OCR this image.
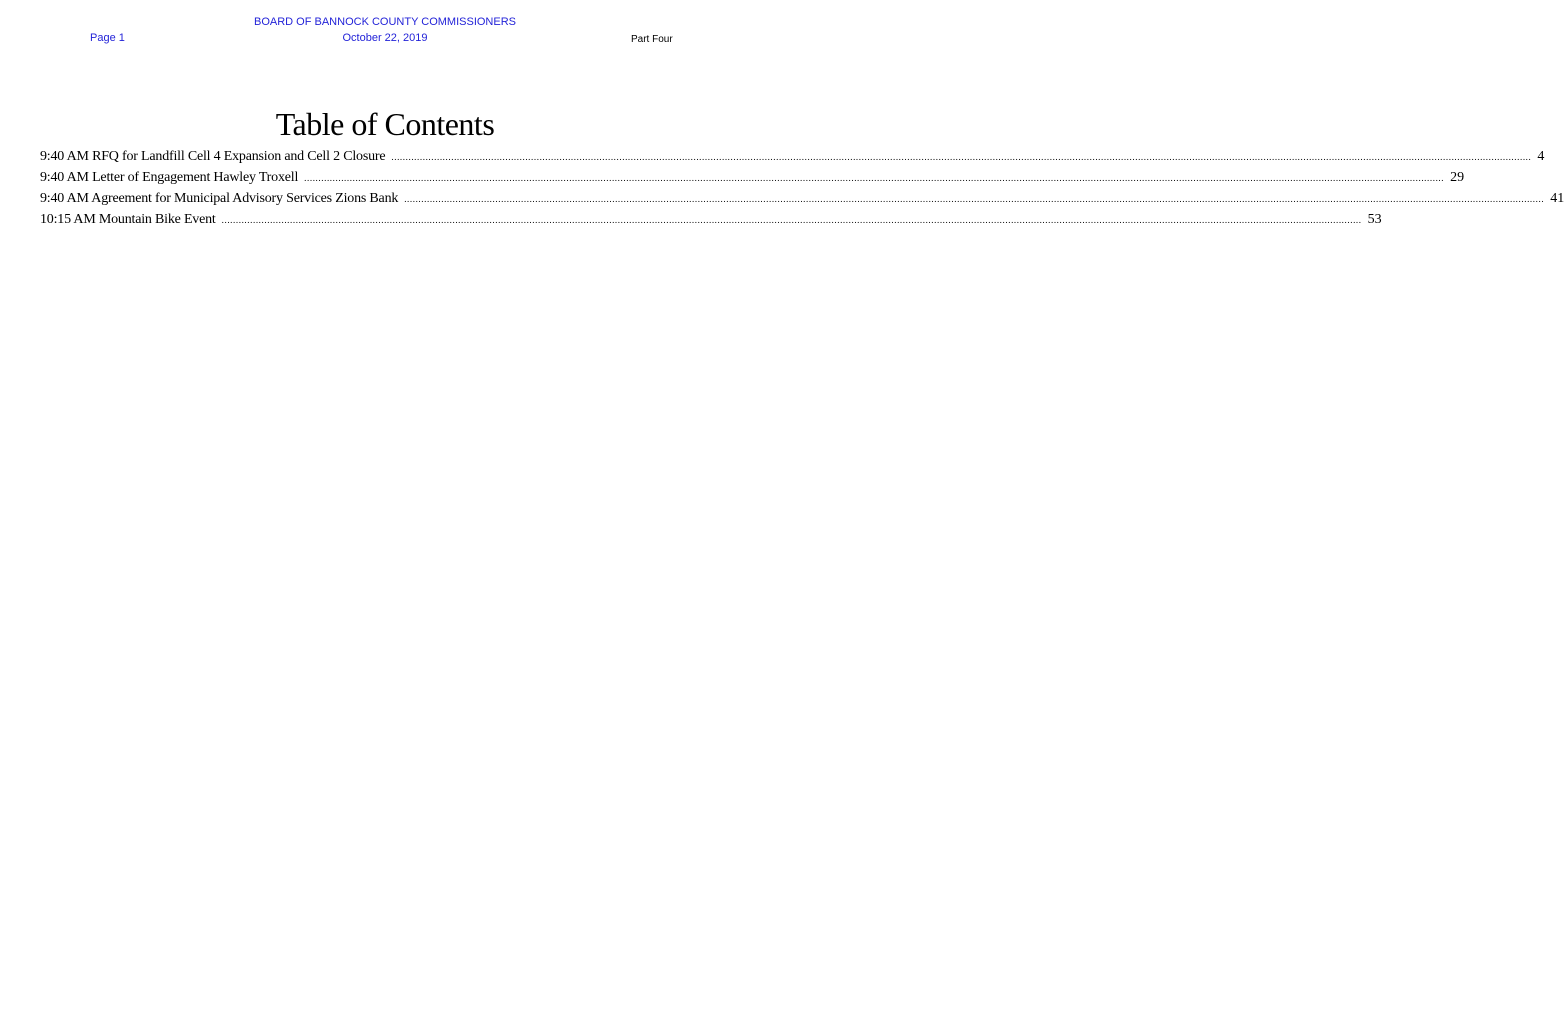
BOARD OF BANNOCK COUNTY COMMISSIONERS
Page 1	October 22, 2019	Part Four
Table of Contents
9:40 AM RFQ for Landfill Cell 4 Expansion and Cell 2 Closure ................................................................................................................................................................................................................................................................................................................................................................................................................ 4
9:40 AM Letter of Engagement Hawley Troxell ................................................................................................................................................................................................................................................................................................................................................................................................................ 29
9:40 AM Agreement for Municipal Advisory Services Zions Bank ................................................................................................................................................................................................................................................................................................................................................................................................................ 41
10:15 AM Mountain Bike Event ................................................................................................................................................................................................................................................................................................................................................................................................................ 53
